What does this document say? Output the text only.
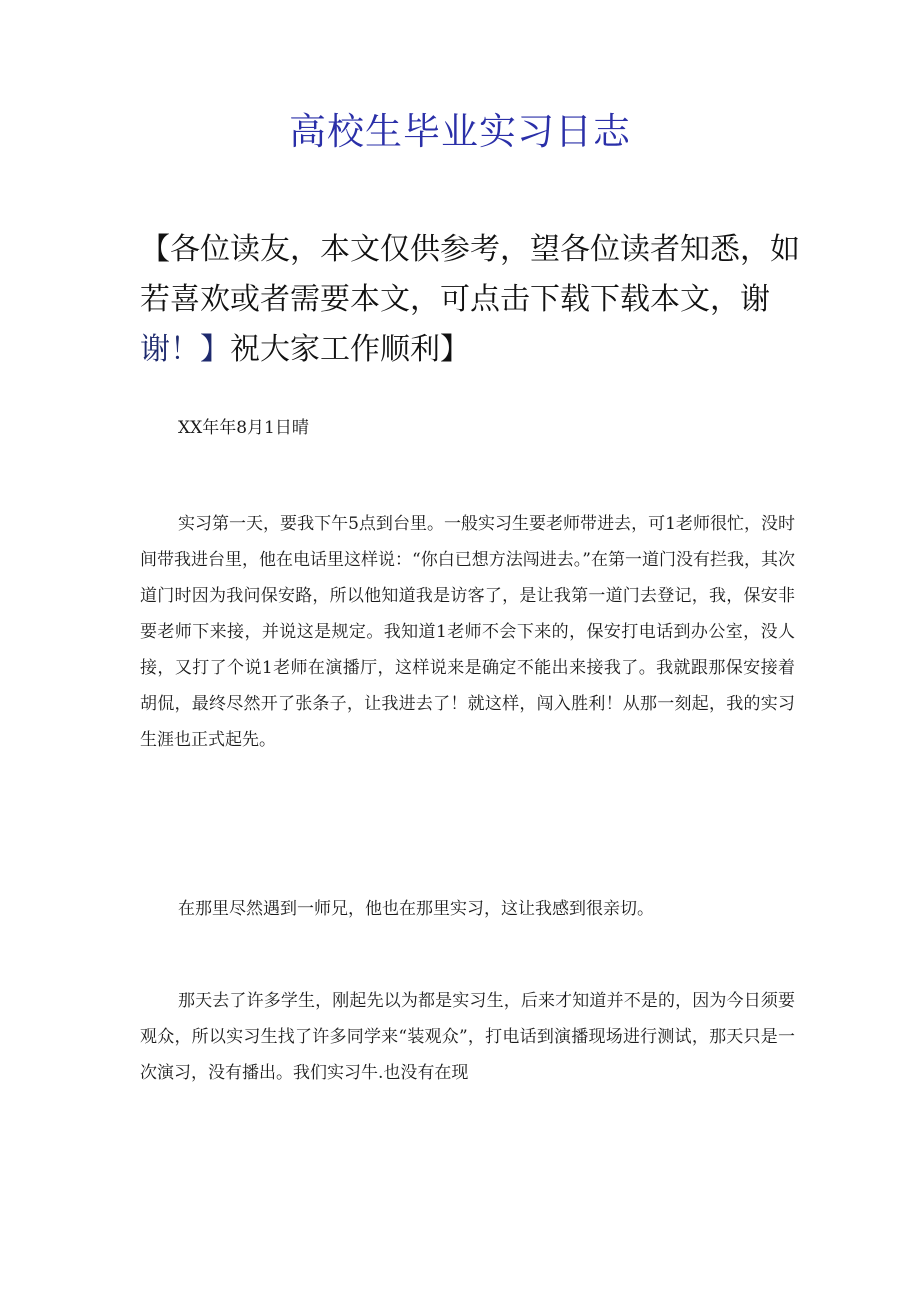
高校生毕业实习日志
【各位读友，本文仅供参考，望各位读者知悉，如若喜欢或者需要本文，可点击下载下载本文，谢谢！】祝大家工作顺利】
XX年年8月1日晴

实习第一天，要我下午5点到台里。一般实习生要老师带进去，可1老师很忙，没时间带我进台里，他在电话里这样说：“你白已想方法闯进去。”在第一道门没有拦我，其次道门时因为我问保安路，所以他知道我是访客了，是让我第一道门去登记，我，保安非要老师下来接，并说这是规定。我知道1老师不会下来的，保安打电话到办公室，没人接，又打了个说1老师在演播厅，这样说来是确定不能出来接我了。我就跟那保安接着胡侃，最终尽然开了张条子，让我进去了！就这样，闯入胜利！从那一刻起，我的实习生涯也正式起先。

在那里尽然遇到一师兄，他也在那里实习，这让我感到很亲切。

那天去了许多学生，刚起先以为都是实习生，后来才知道并不是的，因为今日须要观众，所以实习生找了许多同学来“装观众”，打电话到演播现场进行测试，那天只是一次演习，没有播出。我们实习牛.也没有在现
